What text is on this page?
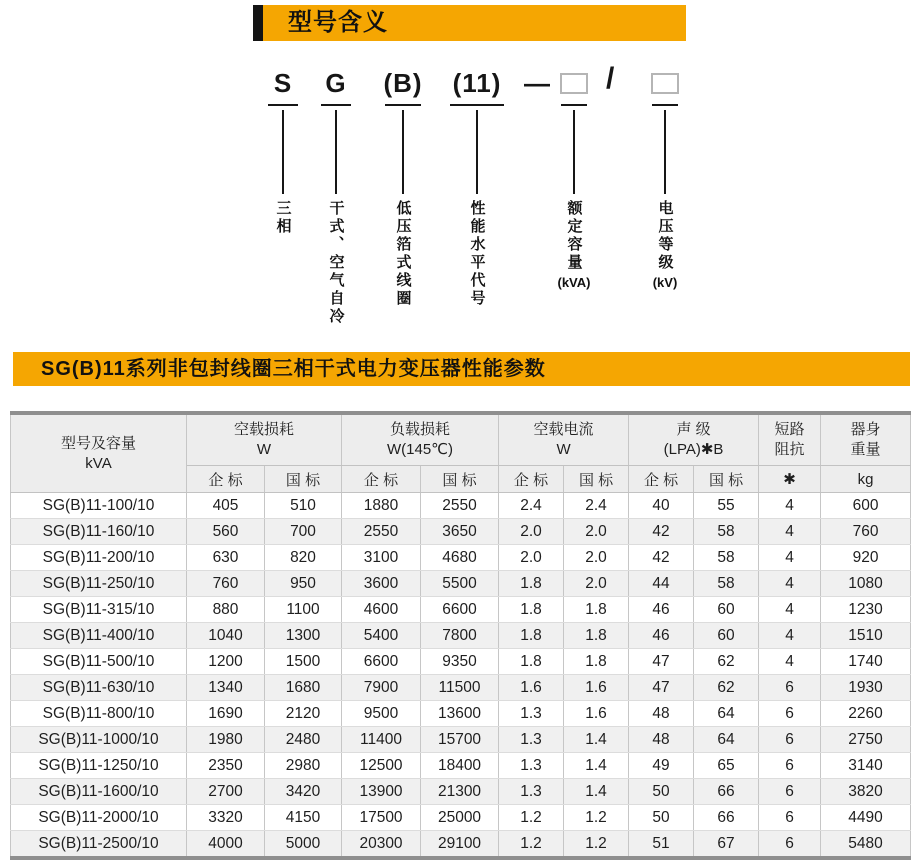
型号含义
S
三相
G
干式、空气自冷
(B)
低压箔式线圈
(11)
性能水平代号
—
额定容量
(kVA)
/
电压等级
(kV)
SG(B)11系列非包封线圈三相干式电力变压器性能参数
型号及容量
kVA

空载损耗
W

负载损耗
W(145℃)

空载电流
W

声 级
(LPA)✱B

短路
阻抗

器身
重量

	企 标	国 标	企 标	国 标	企 标	国 标	企 标	国 标	✱	kg
SG(B)11-100/10	405	510	1880	2550	2.4	2.4	40	55	4	600
SG(B)11-160/10	560	700	2550	3650	2.0	2.0	42	58	4	760
SG(B)11-200/10	630	820	3100	4680	2.0	2.0	42	58	4	920
SG(B)11-250/10	760	950	3600	5500	1.8	2.0	44	58	4	1080
SG(B)11-315/10	880	1100	4600	6600	1.8	1.8	46	60	4	1230
SG(B)11-400/10	1040	1300	5400	7800	1.8	1.8	46	60	4	1510
SG(B)11-500/10	1200	1500	6600	9350	1.8	1.8	47	62	4	1740
SG(B)11-630/10	1340	1680	7900	11500	1.6	1.6	47	62	6	1930
SG(B)11-800/10	1690	2120	9500	13600	1.3	1.6	48	64	6	2260
SG(B)11-1000/10	1980	2480	11400	15700	1.3	1.4	48	64	6	2750
SG(B)11-1250/10	2350	2980	12500	18400	1.3	1.4	49	65	6	3140
SG(B)11-1600/10	2700	3420	13900	21300	1.3	1.4	50	66	6	3820
SG(B)11-2000/10	3320	4150	17500	25000	1.2	1.2	50	66	6	4490
SG(B)11-2500/10	4000	5000	20300	29100	1.2	1.2	51	67	6	5480
